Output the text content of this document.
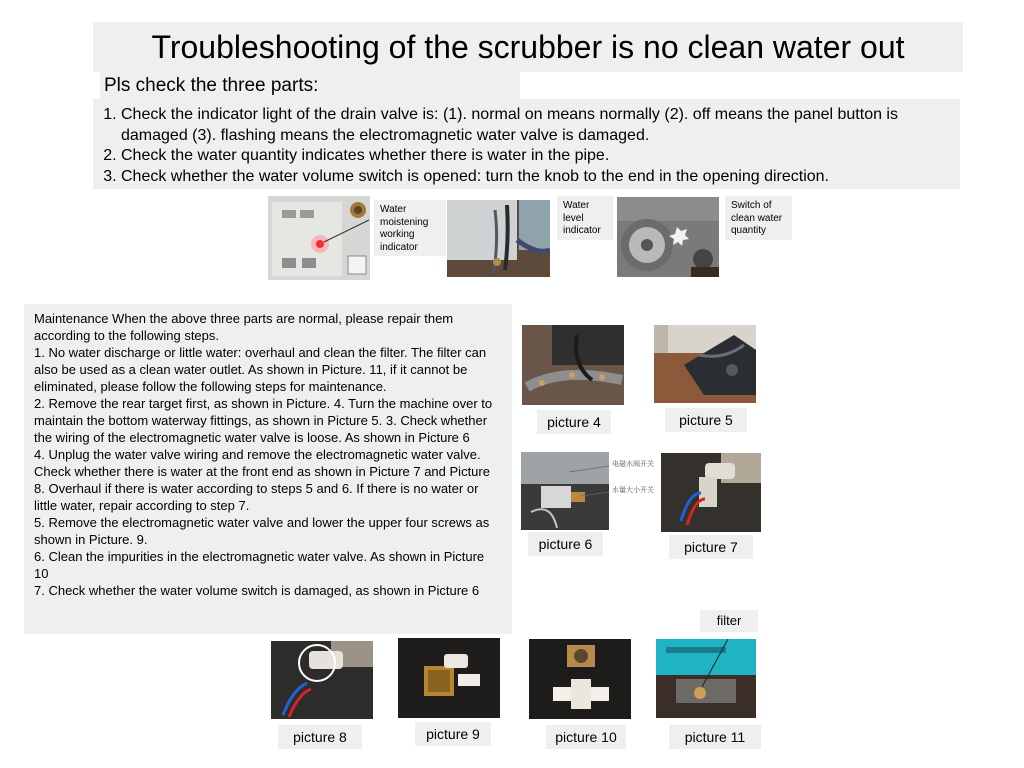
Troubleshooting of the scrubber is no clean water out
Pls check the three parts:
1. Check the indicator light of the drain valve is: (1). normal on means normally (2). off means the panel button is damaged (3). flashing means the electromagnetic water valve is damaged.
2. Check the water quantity indicates whether there is water in the pipe.
3. Check whether the water volume switch is opened: turn the knob to the end in the opening direction.
Water moistening working indicator
Water level indicator
Switch of clean water quantity

Maintenance When the above three parts are normal, please repair them according to the following steps.

1. No water discharge or little water: overhaul and clean the filter. The filter can also be used as a clean water outlet. As shown in Picture. 11, if it cannot be eliminated, please follow the following steps for maintenance.

2. Remove the rear target first, as shown in Picture. 4. Turn the machine over to maintain the bottom waterway fittings, as shown in Picture 5. 3. Check whether the wiring of the electromagnetic water valve is loose. As shown in Picture 6

4. Unplug the water valve wiring and remove the electromagnetic water valve. Check whether there is water at the front end as shown in Picture 7 and Picture 8. Overhaul if there is water according to steps 5 and 6. If there is no water or little water, repair according to step 7.

5. Remove the electromagnetic water valve and lower the upper four screws as shown in Picture. 9.

6. Clean the impurities in the electromagnetic water valve. As shown in Picture 10

7. Check whether the water volume switch is damaged, as shown in Picture 6

picture 4	picture 5
电磁水阀开关
水量大小开关
picture 6	picture 7
picture 8	picture 9	picture 10
filter
picture 11
